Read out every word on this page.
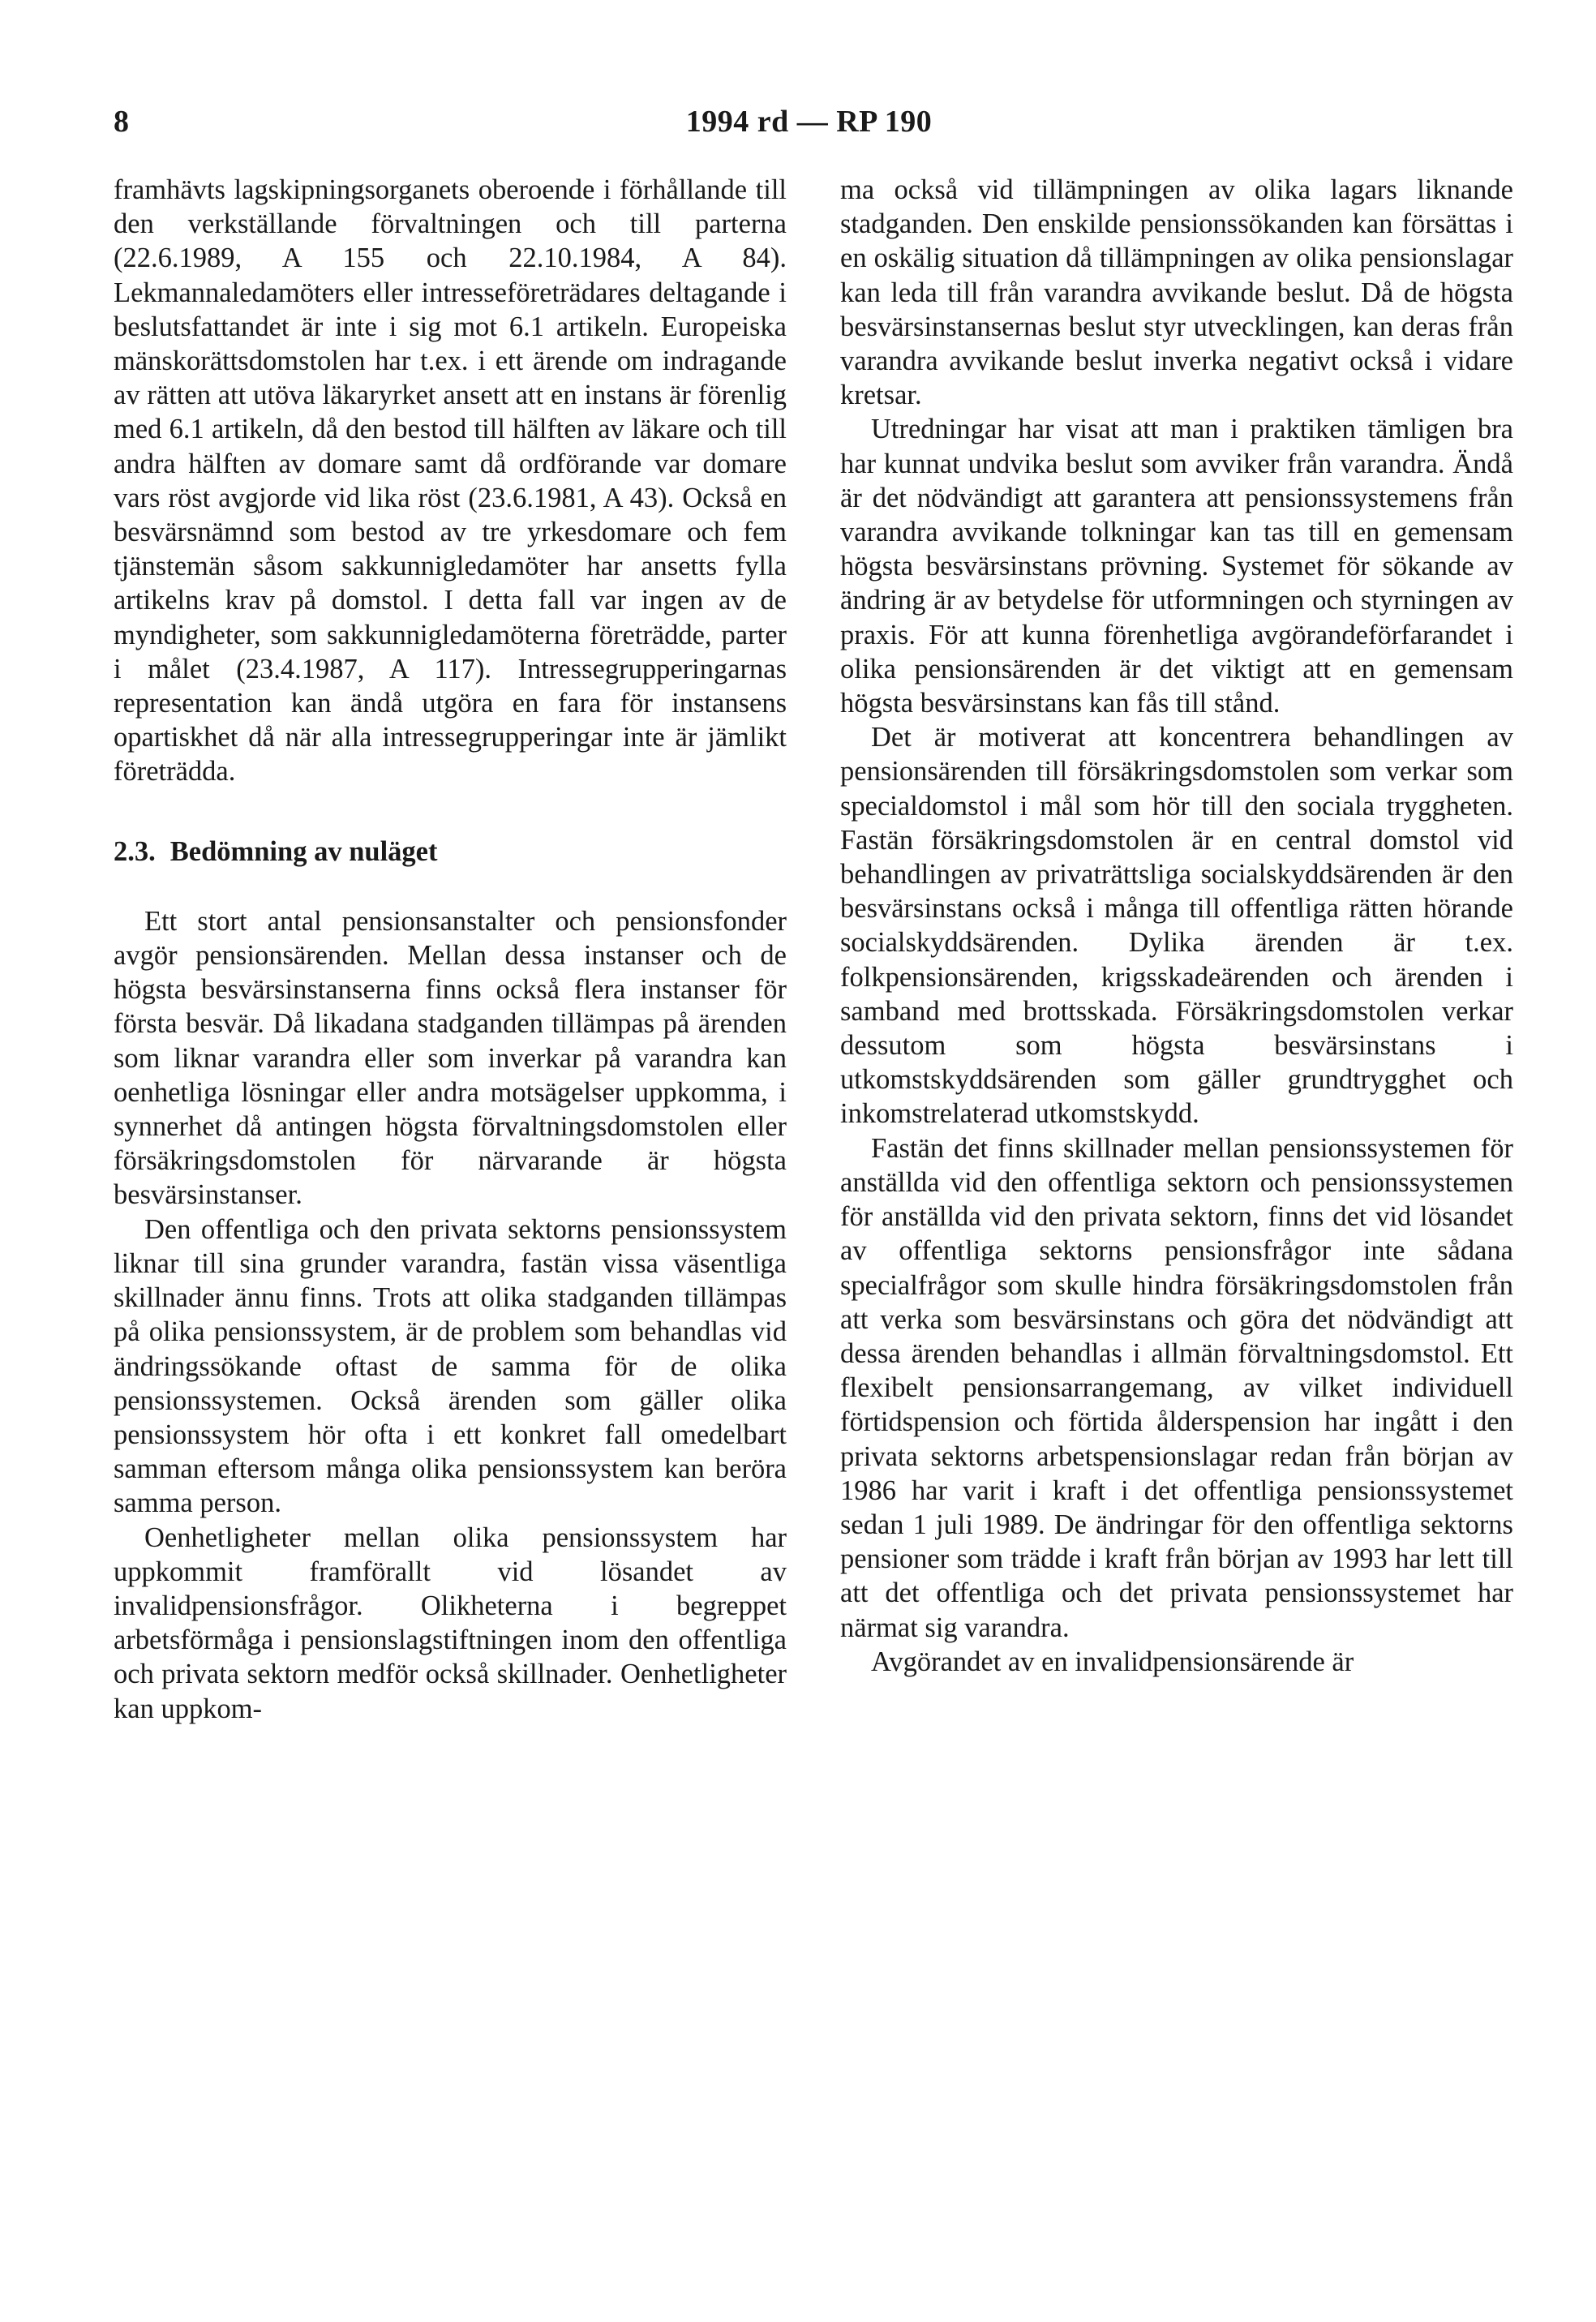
8	1994 rd — RP 190

framhävts lagskipningsorganets oberoende i förhållande till den verkställande förvaltningen och till parterna (22.6.1989, A 155 och 22.10.1984, A 84). Lekmannaledamöters eller intresseföreträdares deltagande i beslutsfattandet är inte i sig mot 6.1 artikeln. Europeiska mänskorättsdomstolen har t.ex. i ett ärende om indragande av rätten att utöva läkaryrket ansett att en instans är förenlig med 6.1 artikeln, då den bestod till hälften av läkare och till andra hälften av domare samt då ordförande var domare vars röst avgjorde vid lika röst (23.6.1981, A 43). Också en besvärsnämnd som bestod av tre yrkesdomare och fem tjänstemän såsom sakkunnigledamöter har ansetts fylla artikelns krav på domstol. I detta fall var ingen av de myndigheter, som sakkunnigledamöterna företrädde, parter i målet (23.4.1987, A 117). Intressegrupperingarnas representation kan ändå utgöra en fara för instansens opartiskhet då när alla intressegrupperingar inte är jämlikt företrädda.

2.3. Bedömning av nuläget

Ett stort antal pensionsanstalter och pensionsfonder avgör pensionsärenden. Mellan dessa instanser och de högsta besvärsinstanserna finns också flera instanser för första besvär. Då likadana stadganden tillämpas på ärenden som liknar varandra eller som inverkar på varandra kan oenhetliga lösningar eller andra motsägelser uppkomma, i synnerhet då antingen högsta förvaltningsdomstolen eller försäkringsdomstolen för närvarande är högsta besvärsinstanser.

Den offentliga och den privata sektorns pensionssystem liknar till sina grunder varandra, fastän vissa väsentliga skillnader ännu finns. Trots att olika stadganden tillämpas på olika pensionssystem, är de problem som behandlas vid ändringssökande oftast de samma för de olika pensionssystemen. Också ärenden som gäller olika pensionssystem hör ofta i ett konkret fall omedelbart samman eftersom många olika pensionssystem kan beröra samma person.

Oenhetligheter mellan olika pensionssystem har uppkommit framförallt vid lösandet av invalidpensionsfrågor. Olikheterna i begreppet arbetsförmåga i pensionslagstiftningen inom den offentliga och privata sektorn medför också skillnader. Oenhetligheter kan uppkom-

ma också vid tillämpningen av olika lagars liknande stadganden. Den enskilde pensionssökanden kan försättas i en oskälig situation då tillämpningen av olika pensionslagar kan leda till från varandra avvikande beslut. Då de högsta besvärsinstansernas beslut styr utvecklingen, kan deras från varandra avvikande beslut inverka negativt också i vidare kretsar.

Utredningar har visat att man i praktiken tämligen bra har kunnat undvika beslut som avviker från varandra. Ändå är det nödvändigt att garantera att pensionssystemens från varandra avvikande tolkningar kan tas till en gemensam högsta besvärsinstans prövning. Systemet för sökande av ändring är av betydelse för utformningen och styrningen av praxis. För att kunna förenhetliga avgörandeförfarandet i olika pensionsärenden är det viktigt att en gemensam högsta besvärsinstans kan fås till stånd.

Det är motiverat att koncentrera behandlingen av pensionsärenden till försäkringsdomstolen som verkar som specialdomstol i mål som hör till den sociala tryggheten. Fastän försäkringsdomstolen är en central domstol vid behandlingen av privaträttsliga socialskyddsärenden är den besvärsinstans också i många till offentliga rätten hörande socialskyddsärenden. Dylika ärenden är t.ex. folkpensionsärenden, krigsskadeärenden och ärenden i samband med brottsskada. Försäkringsdomstolen verkar dessutom som högsta besvärsinstans i utkomstskyddsärenden som gäller grundtrygghet och inkomstrelaterad utkomstskydd.

Fastän det finns skillnader mellan pensionssystemen för anställda vid den offentliga sektorn och pensionssystemen för anställda vid den privata sektorn, finns det vid lösandet av offentliga sektorns pensionsfrågor inte sådana specialfrågor som skulle hindra försäkringsdomstolen från att verka som besvärsinstans och göra det nödvändigt att dessa ärenden behandlas i allmän förvaltningsdomstol. Ett flexibelt pensionsarrangemang, av vilket individuell förtidspension och förtida ålderspension har ingått i den privata sektorns arbetspensionslagar redan från början av 1986 har varit i kraft i det offentliga pensionssystemet sedan 1 juli 1989. De ändringar för den offentliga sektorns pensioner som trädde i kraft från början av 1993 har lett till att det offentliga och det privata pensionssystemet har närmat sig varandra.

Avgörandet av en invalidpensionsärende är
